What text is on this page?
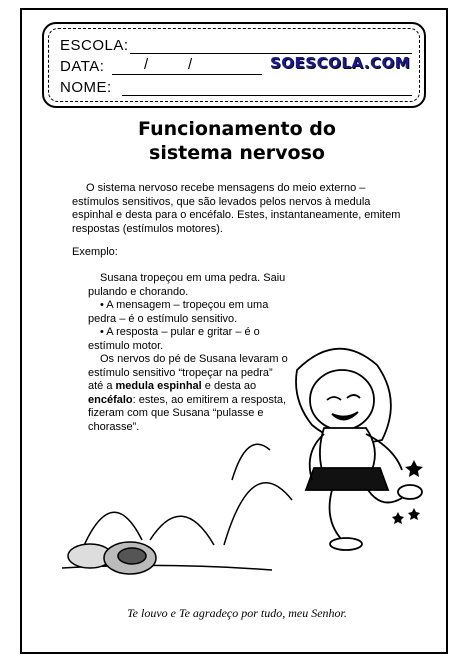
ESCOLA:
DATA:	/	/	SOESCOLA.COM
NOME:
Funcionamento do
sistema nervoso
O sistema nervoso recebe mensagens do meio externo – estímulos sensitivos, que são levados pelos nervos à medula espinhal e desta para o encéfalo. Estes, instantaneamente, emitem respostas (estímulos motores).
Exemplo:

Susana tropeçou em uma pedra. Saiu pulando e chorando.

• A mensagem – tropeçou em uma pedra – é o estímulo sensitivo.

• A resposta – pular e gritar – é o estímulo motor.

Os nervos do pé de Susana levaram o estímulo sensitivo “tropeçar na pedra” até a medula espinhal e desta ao encéfalo: estes, ao emitirem a resposta, fizeram com que Susana “pulasse e chorasse”.

Te louvo e Te agradeço por tudo, meu Senhor.
